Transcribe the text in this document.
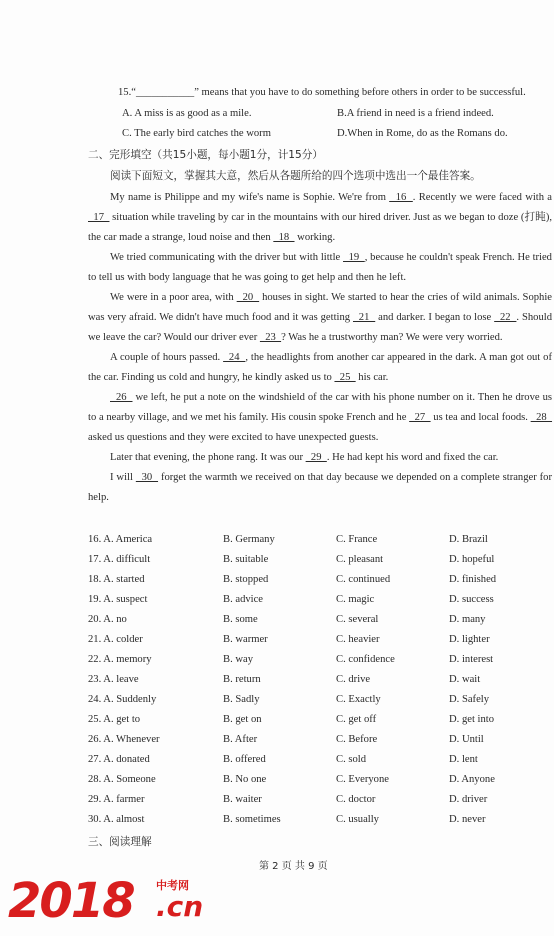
15.“___________” means that you have to do something before others in order to be successful.
A. A miss is as good as a mile.	B.A friend in need is a friend indeed.
C. The early bird catches the worm	D.When in Rome, do as the Romans do.
二、完形填空（共15小题，每小题1分，计15分）
阅读下面短文，掌握其大意，然后从各题所给的四个选项中选出一个最佳答案。

My name is Philippe and my wife's name is Sophie. We're from   16  . Recently we were faced with a   17   situation while traveling by car in the mountains with our hired driver. Just as we began to doze (打盹), the car made a strange, loud noise and then   18   working.

We tried communicating with the driver but with little   19  , because he couldn't speak French. He tried to tell us with body language that he was going to get help and then he left.

We were in a poor area, with   20   houses in sight. We started to hear the cries of wild animals. Sophie was very afraid. We didn't have much food and it was getting   21   and darker. I began to lose   22  . Should we leave the car? Would our driver ever   23  ? Was he a trustworthy man? We were very worried.

A couple of hours passed.   24  , the headlights from another car appeared in the dark. A man got out of the car. Finding us cold and hungry, he kindly asked us to   25   his car.

26   we left, he put a note on the windshield of the car with his phone number on it. Then he drove us to a nearby village, and we met his family. His cousin spoke French and he   27   us tea and local foods.   28   asked us questions and they were excited to have unexpected guests.

Later that evening, the phone rang. It was our   29  . He had kept his word and fixed the car.

I will   30   forget the warmth we received on that day because we depended on a complete stranger for help.

16. A. America	B. Germany	C. France	D. Brazil
17. A. difficult	B. suitable	C. pleasant	D. hopeful
18. A. started	B. stopped	C. continued	D. finished
19. A. suspect	B. advice	C. magic	D. success
20. A. no	B. some	C. several	D. many
21. A. colder	B. warmer	C. heavier	D. lighter
22. A. memory	B. way	C. confidence	D. interest
23. A. leave	B. return	C. drive	D. wait
24. A. Suddenly	B. Sadly	C. Exactly	D. Safely
25. A. get to	B. get on	C. get off	D. get into
26. A. Whenever	B. After	C. Before	D. Until
27. A. donated	B. offered	C. sold	D. lent
28. A. Someone	B. No one	C. Everyone	D. Anyone
29. A. farmer	B. waiter	C. doctor	D. driver
30. A. almost	B. sometimes	C. usually	D. never
三、阅读理解
第 2 页 共 9 页
2018 中考网
.cn
